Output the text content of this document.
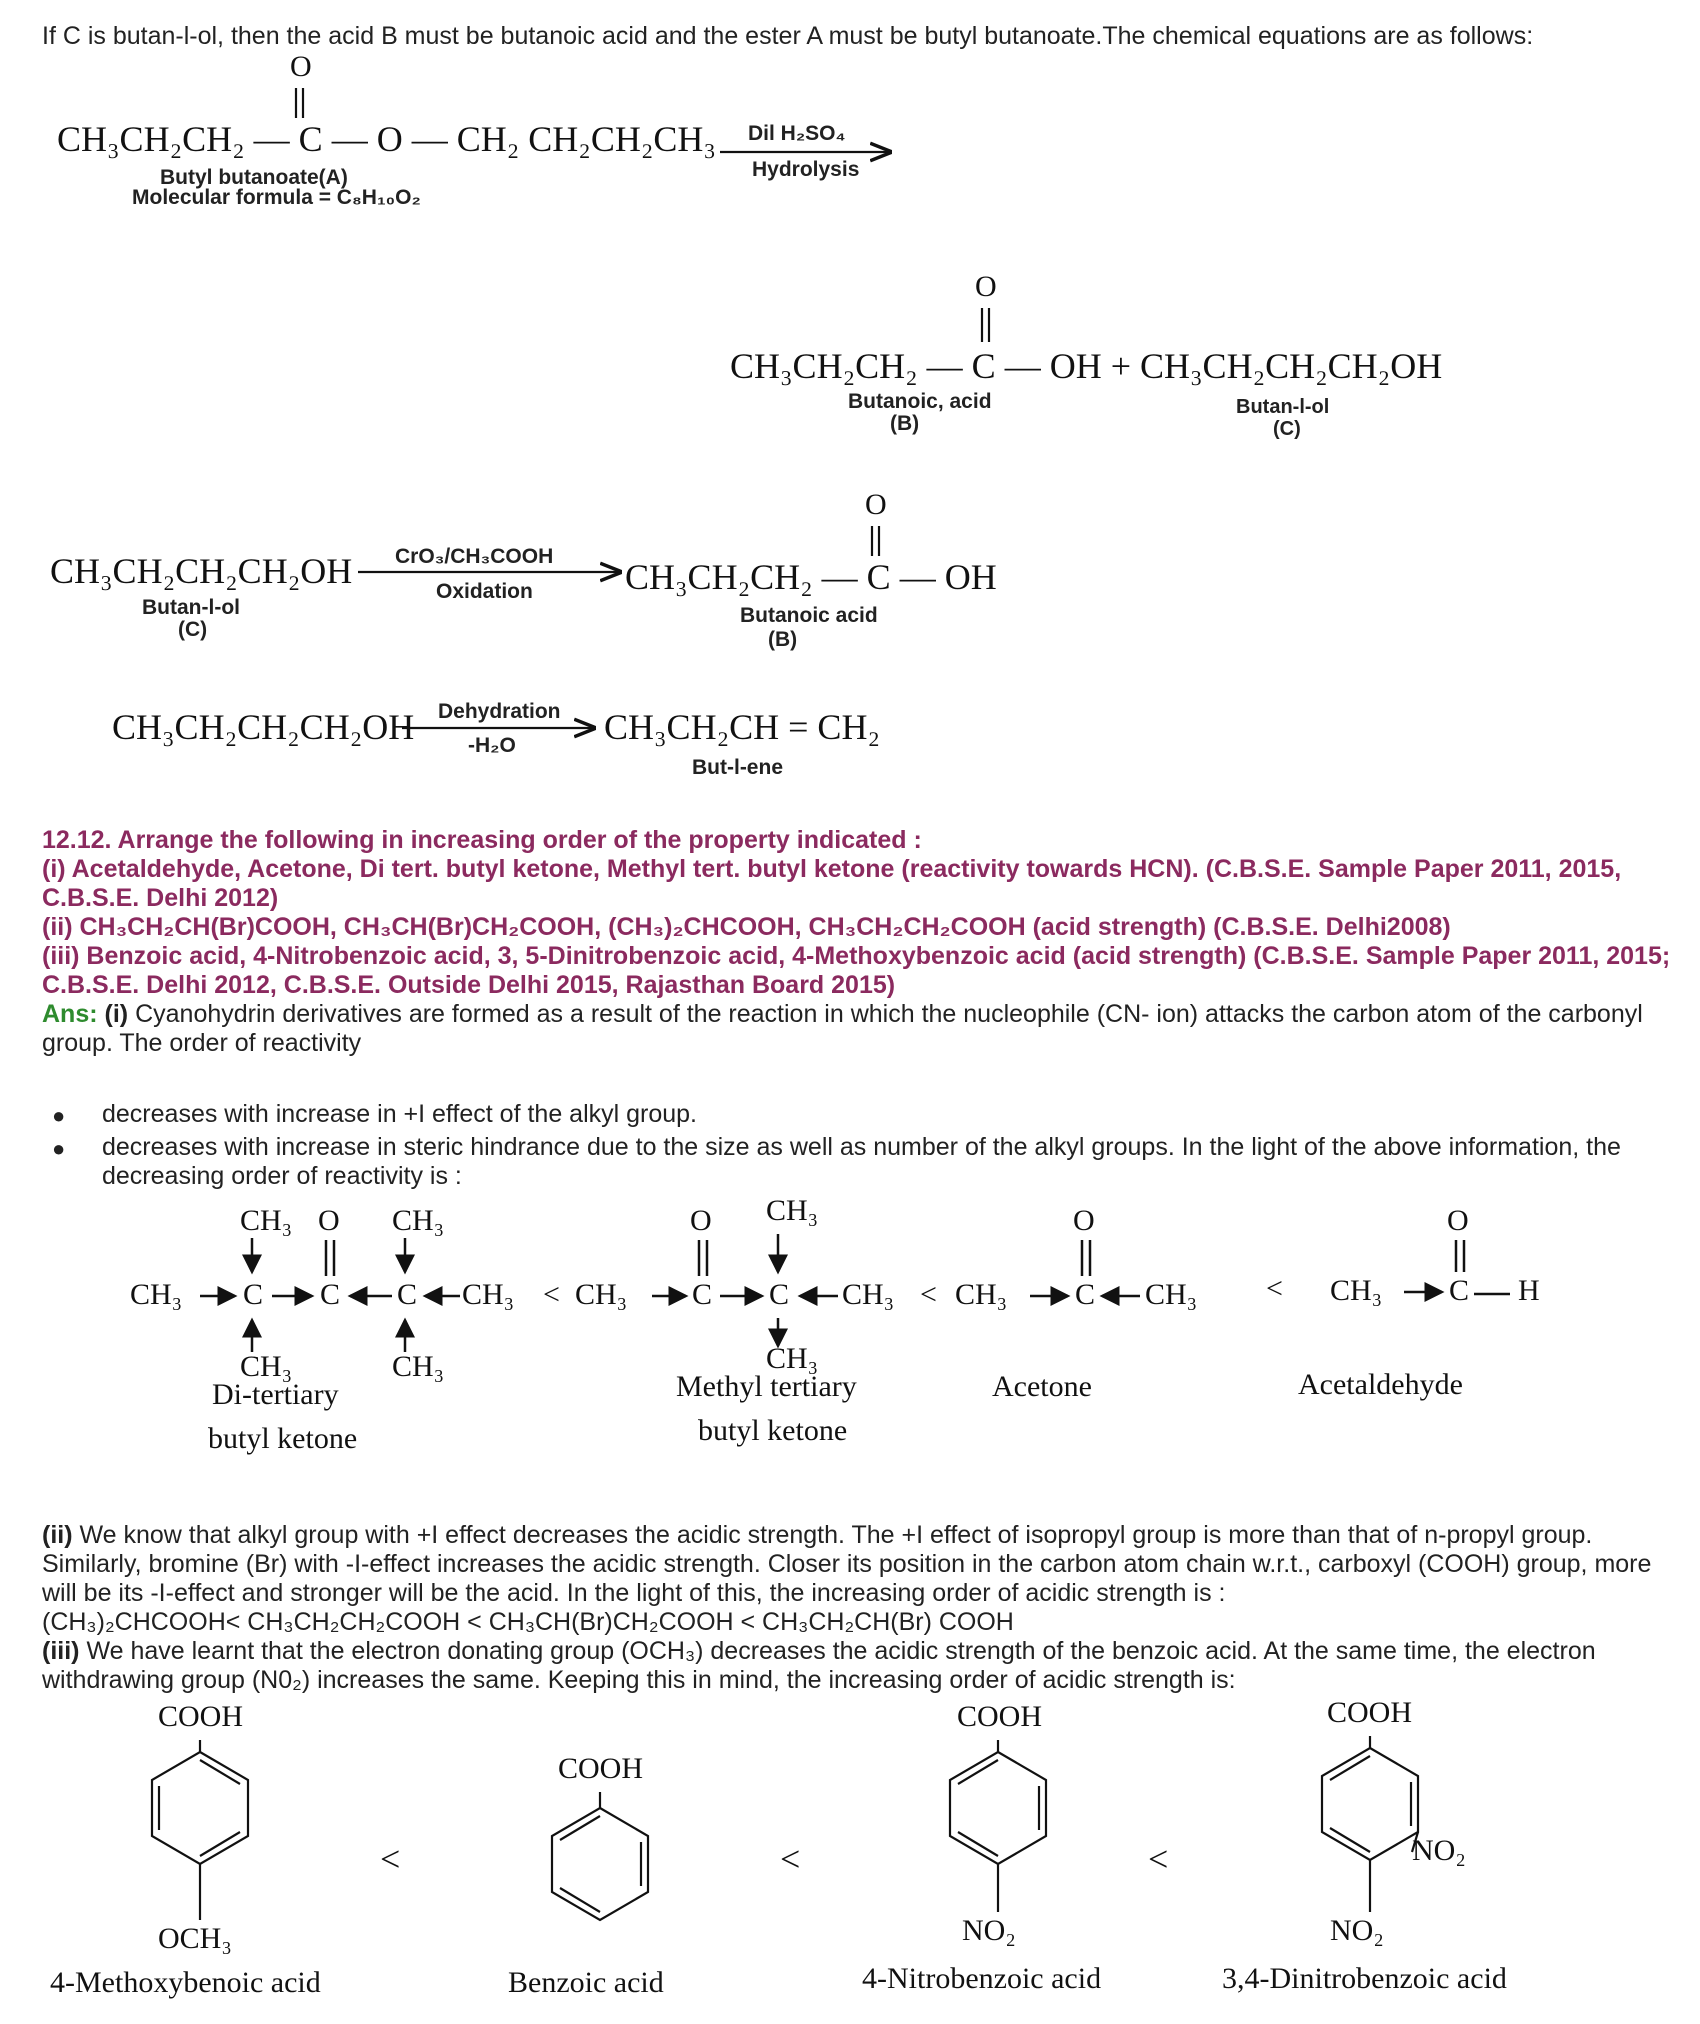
If C is butan-l-ol, then the acid B must be butanoic acid and the ester A must be butyl butanoate.The chemical equations are as follows:
O
CH₃CH₂CH₂ — C — O — CH₂ CH₂CH₂CH₃
Butyl butanoate(A)
Molecular formula = C₈H₁₀O₂
Dil H₂SO₄
Hydrolysis
O
CH₃CH₂CH₂ — C — OH + CH₃CH₂CH₂CH₂OH
Butanoic, acid
(B)
Butan-l-ol
(C)
CH₃CH₂CH₂CH₂OH
Butan-l-ol
(C)
CrO₃/CH₃COOH
Oxidation
O
CH₃CH₂CH₂ — C — OH
Butanoic acid
(B)
CH₃CH₂CH₂CH₂OH Dehydration
-H₂O CH₃CH₂CH = CH₂
But-l-ene
12.12. Arrange the following in increasing order of the property indicated :
(i) Acetaldehyde, Acetone, Di tert. butyl ketone, Methyl tert. butyl ketone (reactivity towards HCN). (C.B.S.E. Sample Paper 2011, 2015, C.B.S.E. Delhi 2012)
(ii) CH₃CH₂CH(Br)COOH, CH₃CH(Br)CH₂COOH, (CH₃)₂CHCOOH, CH₃CH₂CH₂COOH (acid strength) (C.B.S.E. Delhi2008)
(iii) Benzoic acid, 4-Nitrobenzoic acid, 3, 5-Dinitrobenzoic acid, 4-Methoxybenzoic acid (acid strength) (C.B.S.E. Sample Paper 2011, 2015; C.B.S.E. Delhi 2012, C.B.S.E. Outside Delhi 2015, Rajasthan Board 2015)
Ans: (i) Cyanohydrin derivatives are formed as a result of the reaction in which the nucleophile (CN- ion) attacks the carbon atom of the carbonyl group. The order of reactivity
● decreases with increase in +I effect of the alkyl group.
● decreases with increase in steric hindrance due to the size as well as number of the alkyl groups. In the light of the above information, the decreasing order of reactivity is :
CH₃ O CH₃
CH₃ C C C CH₃ <
CH₃	CH₃
Di-tertiary
butyl ketone
O CH₃
CH₃ C C CH₃ <
CH₃
Methyl tertiary
butyl ketone
O
CH₃ C CH₃ <
Acetone
O
CH₃ C H
Acetaldehyde
(ii) We know that alkyl group with +I effect decreases the acidic strength. The +I effect of isopropyl group is more than that of n-propyl group. Similarly, bromine (Br) with -I-effect increases the acidic strength. Closer its position in the carbon atom chain w.r.t., carboxyl (COOH) group, more will be its -I-effect and stronger will be the acid. In the light of this, the increasing order of acidic strength is :
(CH₃)₂CHCOOH< CH₃CH₂CH₂COOH < CH₃CH(Br)CH₂COOH < CH₃CH₂CH(Br) COOH
(iii) We have learnt that the electron donating group (OCH₃) decreases the acidic strength of the benzoic acid. At the same time, the electron withdrawing group (N0₂) increases the same. Keeping this in mind, the increasing order of acidic strength is:
COOH
COOH
COOH	COOH
OCH₃	NO₂	NO₂
NO₂
<	<	<
4-Methoxybenoic acid	Benzoic acid	4-Nitrobenzoic acid	3,4-Dinitrobenzoic acid
